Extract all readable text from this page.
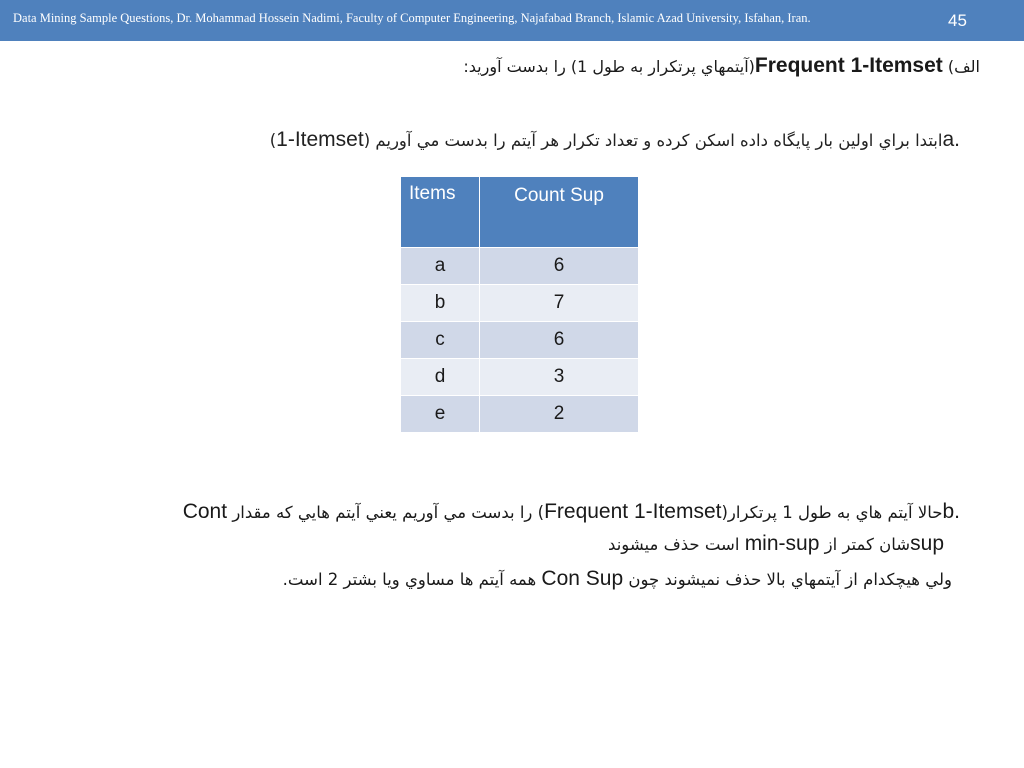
Data Mining Sample Questions, Dr. Mohammad Hossein Nadimi, Faculty of Computer Engineering, Najafabad Branch, Islamic Azad University, Isfahan, Iran.	45
الف) Frequent 1-Itemset(آيتمهاي پرتكرار به طول 1) را بدست آوريد:
a.ابتدا براي اولين بار پايگاه داده اسكن كرده و تعداد تكرار هر آيتم را بدست مي آوريم (1-Itemset)
Items	Count Sup
a	6
b	7
c	6
d	3
e	2
b.حالا آيتم هاي به طول 1 پرتكرار(Frequent 1-Itemset) را بدست مي آوريم يعني آيتم هايي كه مقدار Cont
supشان كمتر از min-sup است حذف ميشوند
ولي هيچكدام از آيتمهاي بالا حذف نميشوند چون Con Sup همه آيتم ها مساوي ويا بشتر 2 است.
